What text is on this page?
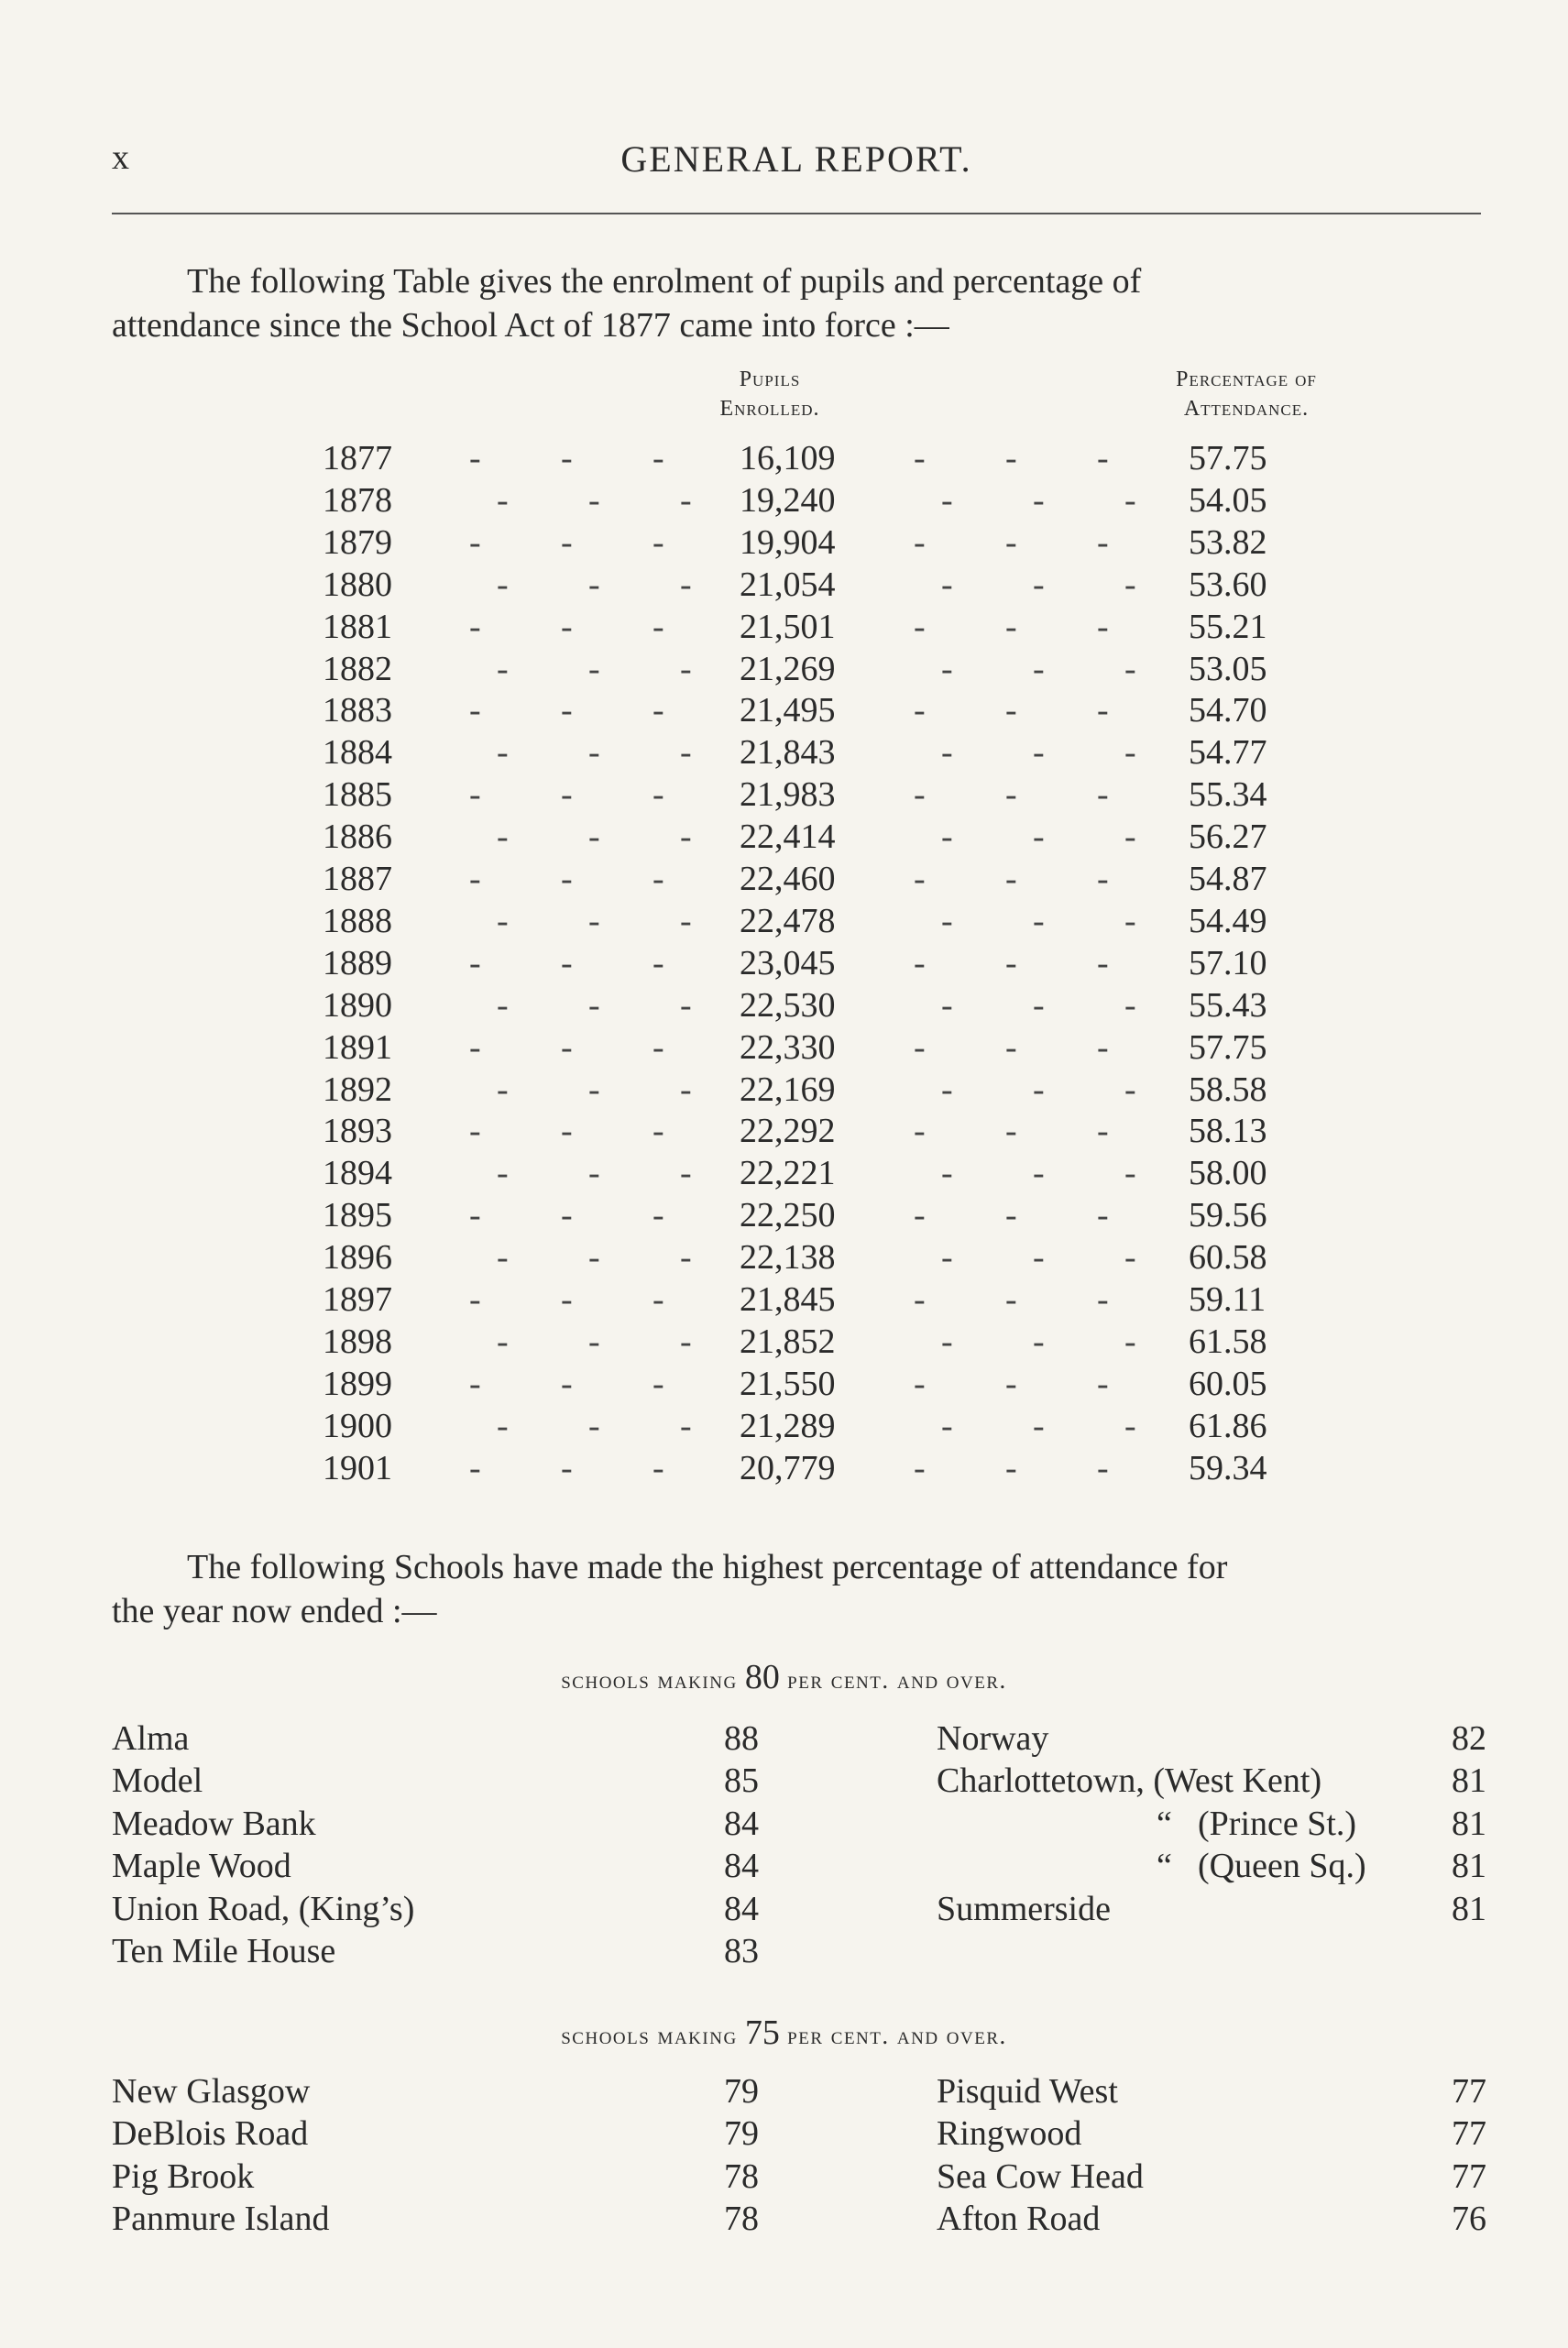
x	GENERAL REPORT.
The following Table gives the enrolment of pupils and percentage of
attendance since the School Act of 1877 came into force :—
Pupils
Enrolled.
Percentage of
Attendance.
1877 - - - 16,109 - - - 57.75
1878	- - - 19,240	- - - 54.05
1879 - - - 19,904 - - - 53.82
1880	- - - 21,054	- - - 53.60
1881 - - - 21,501 - - - 55.21
1882	- - - 21,269	- - - 53.05
1883 - - - 21,495 - - - 54.70
1884	- - - 21,843	- - - 54.77
1885 - - - 21,983 - - - 55.34
1886	- - - 22,414	- - - 56.27
1887 - - - 22,460 - - - 54.87
1888	- - - 22,478	- - - 54.49
1889 - - - 23,045 - - - 57.10
1890	- - - 22,530	- - - 55.43
1891 - - - 22,330 - - - 57.75
1892	- - - 22,169	- - - 58.58
1893 - - - 22,292 - - - 58.13
1894	- - - 22,221	- - - 58.00
1895 - - - 22,250 - - - 59.56
1896	- - - 22,138	- - - 60.58
1897 - - - 21,845 - - - 59.11
1898	- - - 21,852	- - - 61.58
1899 - - - 21,550 - - - 60.05
1900	- - - 21,289	- - - 61.86
1901 - - - 20,779 - - - 59.34
The following Schools have made the highest percentage of attendance for
the year now ended :—
schools making 80 per cent. and over.
Alma	88	Norway	82
Model	85	Charlottetown, (West Kent)	81
Meadow Bank	84	“ (Prince St.)	81
Maple Wood	84	“ (Queen Sq.) 81
Union Road, (King’s)	84	Summerside	81
Ten Mile House	83
schools making 75 per cent. and over.
New Glasgow	79	Pisquid West	77
DeBlois Road	79	Ringwood	77
Pig Brook	78	Sea Cow Head	77
Panmure Island	78	Afton Road	76
